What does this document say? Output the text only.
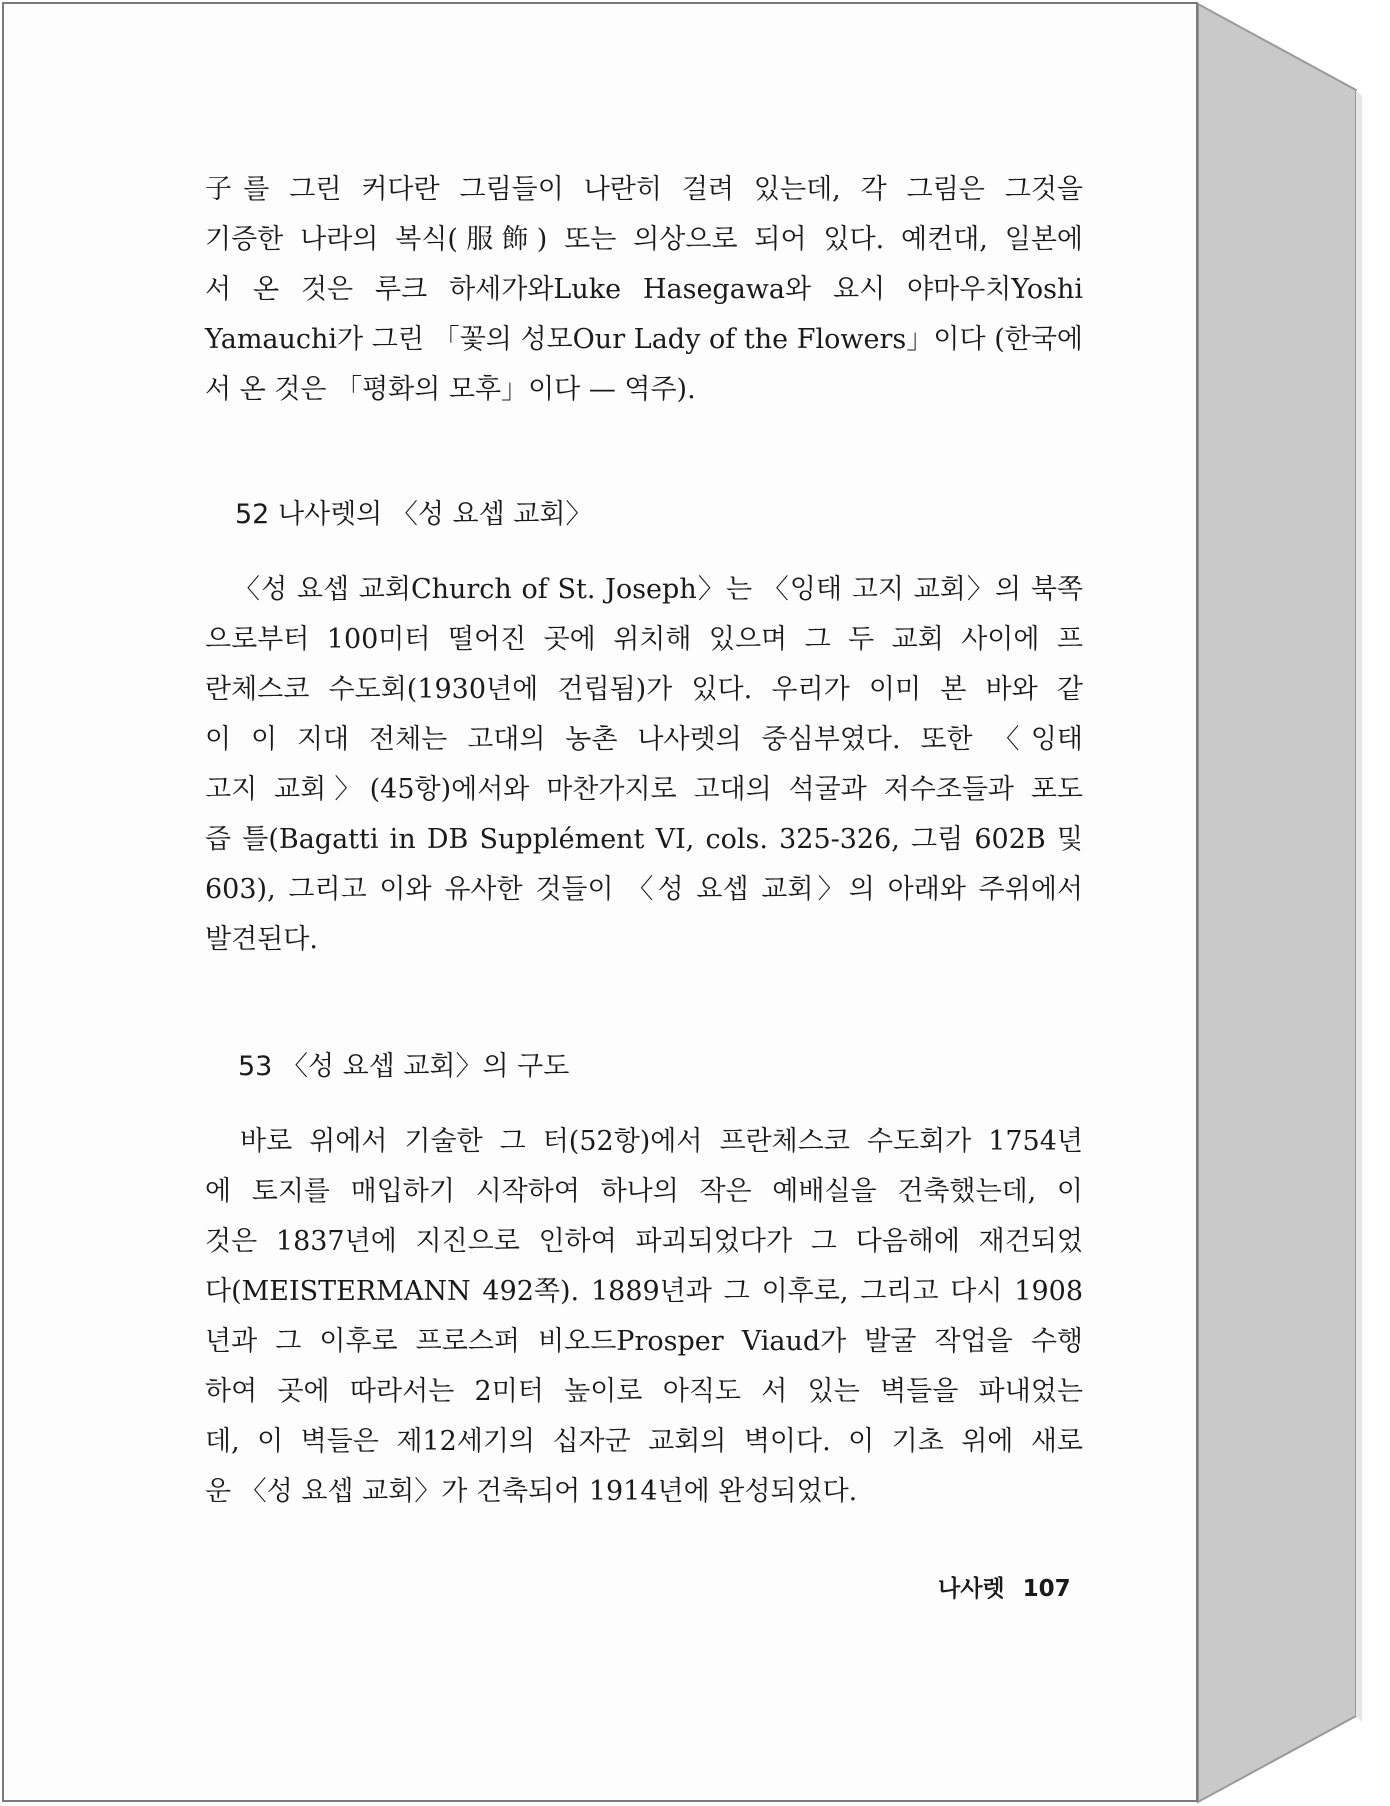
子를 그린 커다란 그림들이 나란히 걸려 있는데, 각 그림은 그것을
기증한 나라의 복식(服飾) 또는 의상으로 되어 있다. 예컨대, 일본에
서 온 것은 루크 하세가와Luke Hasegawa와 요시 야마우치Yoshi
Yamauchi가 그린 「꽃의 성모Our Lady of the Flowers」이다 (한국에
서 온 것은 「평화의 모후」이다 — 역주).
52 나사렛의 〈성 요셉 교회〉
〈성 요셉 교회Church of St. Joseph〉는 〈잉태 고지 교회〉의 북쪽
으로부터 100미터 떨어진 곳에 위치해 있으며 그 두 교회 사이에 프
란체스코 수도회(1930년에 건립됨)가 있다. 우리가 이미 본 바와 같
이 이 지대 전체는 고대의 농촌 나사렛의 중심부였다. 또한 〈잉태
고지 교회〉(45항)에서와 마찬가지로 고대의 석굴과 저수조들과 포도
즙 틀(Bagatti in DB Supplément VI, cols. 325-326, 그림 602B 및
603), 그리고 이와 유사한 것들이 〈성 요셉 교회〉의 아래와 주위에서
발견된다.
53 〈성 요셉 교회〉의 구도
바로 위에서 기술한 그 터(52항)에서 프란체스코 수도회가 1754년
에 토지를 매입하기 시작하여 하나의 작은 예배실을 건축했는데, 이
것은 1837년에 지진으로 인하여 파괴되었다가 그 다음해에 재건되었
다(MEISTERMANN 492쪽). 1889년과 그 이후로, 그리고 다시 1908
년과 그 이후로 프로스퍼 비오드Prosper Viaud가 발굴 작업을 수행
하여 곳에 따라서는 2미터 높이로 아직도 서 있는 벽들을 파내었는
데, 이 벽들은 제12세기의 십자군 교회의 벽이다. 이 기초 위에 새로
운 〈성 요셉 교회〉가 건축되어 1914년에 완성되었다.
나사렛 107
